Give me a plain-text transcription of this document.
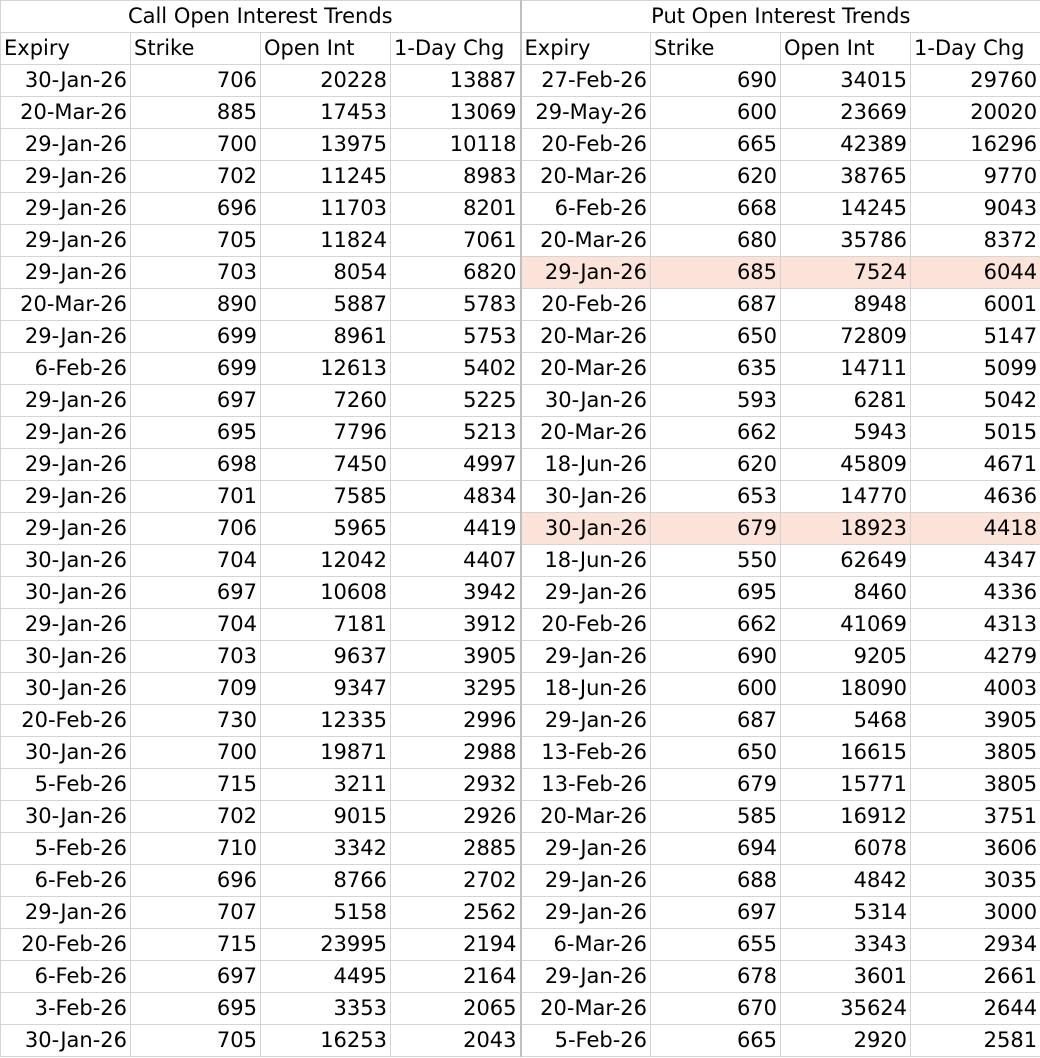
Call Open Interest Trends				Put Open Interest Trends			
Expiry	Strike	Open Int	1-Day Chg	Expiry	Strike	Open Int	1-Day Chg
30-Jan-26	706	20228	13887	27-Feb-26	690	34015	29760
20-Mar-26	885	17453	13069	29-May-26	600	23669	20020
29-Jan-26	700	13975	10118	20-Feb-26	665	42389	16296
29-Jan-26	702	11245	8983	20-Mar-26	620	38765	9770
29-Jan-26	696	11703	8201	6-Feb-26	668	14245	9043
29-Jan-26	705	11824	7061	20-Mar-26	680	35786	8372
29-Jan-26	703	8054	6820	29-Jan-26	685	7524	6044
20-Mar-26	890	5887	5783	20-Feb-26	687	8948	6001
29-Jan-26	699	8961	5753	20-Mar-26	650	72809	5147
6-Feb-26	699	12613	5402	20-Mar-26	635	14711	5099
29-Jan-26	697	7260	5225	30-Jan-26	593	6281	5042
29-Jan-26	695	7796	5213	20-Mar-26	662	5943	5015
29-Jan-26	698	7450	4997	18-Jun-26	620	45809	4671
29-Jan-26	701	7585	4834	30-Jan-26	653	14770	4636
29-Jan-26	706	5965	4419	30-Jan-26	679	18923	4418
30-Jan-26	704	12042	4407	18-Jun-26	550	62649	4347
30-Jan-26	697	10608	3942	29-Jan-26	695	8460	4336
29-Jan-26	704	7181	3912	20-Feb-26	662	41069	4313
30-Jan-26	703	9637	3905	29-Jan-26	690	9205	4279
30-Jan-26	709	9347	3295	18-Jun-26	600	18090	4003
20-Feb-26	730	12335	2996	29-Jan-26	687	5468	3905
30-Jan-26	700	19871	2988	13-Feb-26	650	16615	3805
5-Feb-26	715	3211	2932	13-Feb-26	679	15771	3805
30-Jan-26	702	9015	2926	20-Mar-26	585	16912	3751
5-Feb-26	710	3342	2885	29-Jan-26	694	6078	3606
6-Feb-26	696	8766	2702	29-Jan-26	688	4842	3035
29-Jan-26	707	5158	2562	29-Jan-26	697	5314	3000
20-Feb-26	715	23995	2194	6-Mar-26	655	3343	2934
6-Feb-26	697	4495	2164	29-Jan-26	678	3601	2661
3-Feb-26	695	3353	2065	20-Mar-26	670	35624	2644
30-Jan-26	705	16253	2043	5-Feb-26	665	2920	2581
